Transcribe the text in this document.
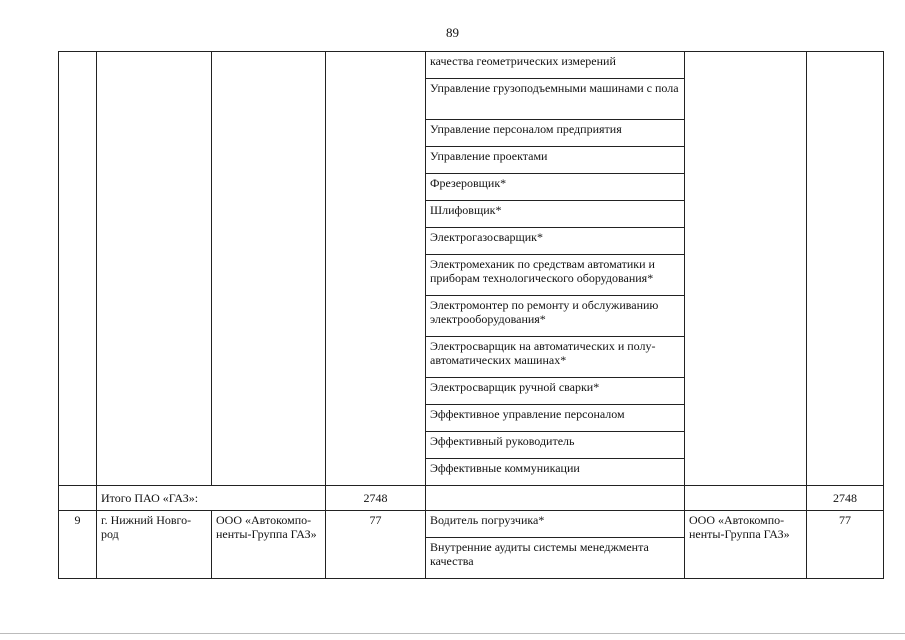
89
				качества геометрических измерений		
				Управление грузоподъемными машинами с пола		
				Управление персоналом предприятия		
				Управление проектами		
				Фрезеровщик*		
				Шлифовщик*		
				Электрогазосварщик*		
				Электромеханик по средствам автоматики и приборам технологического оборудования*		
				Электромонтер по ремонту и обслуживанию электрооборудования*		
				Электросварщик на автоматических и полу-автоматических машинах*		
				Электросварщик ручной сварки*		
				Эффективное управление персоналом		
				Эффективный руководитель		
				Эффективные коммуникации		
	Итого ПАО «ГАЗ»:		2748			2748
9	г. Нижний Новго-род	ООО «Автокомпо-ненты-Группа ГАЗ»	77	Водитель погрузчика*	ООО «Автокомпо-ненты-Группа ГАЗ»	77
				Внутренние аудиты системы менеджмента качества		
